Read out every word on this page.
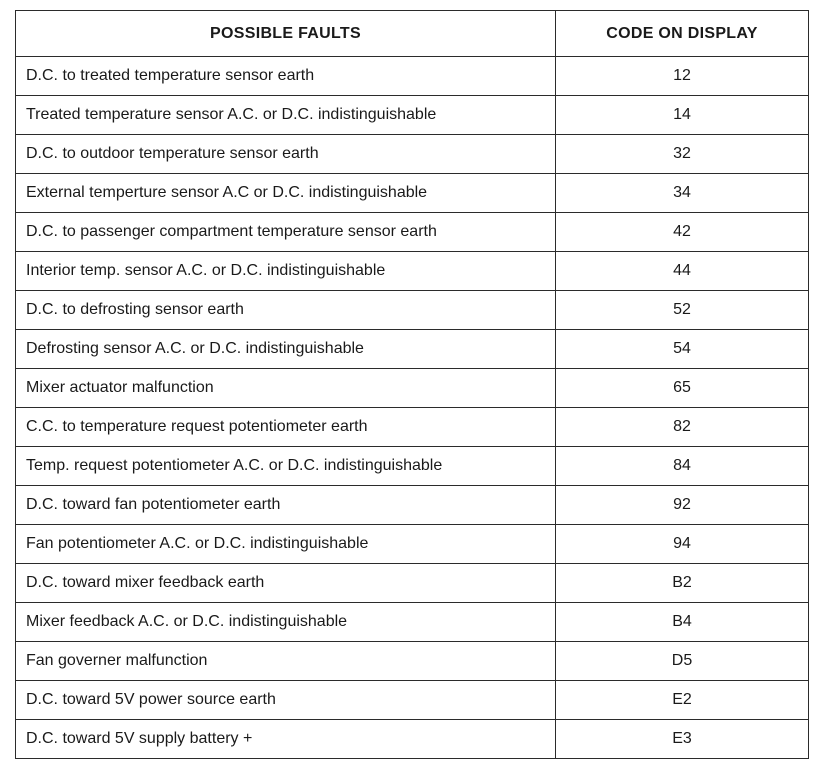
POSSIBLE FAULTS	CODE ON DISPLAY
D.C. to treated temperature sensor earth	12
Treated temperature sensor A.C. or D.C. indistinguishable	14
D.C. to outdoor temperature sensor earth	32
External temperture sensor A.C or D.C. indistinguishable	34
D.C. to passenger compartment temperature sensor earth	42
Interior temp. sensor A.C. or D.C. indistinguishable	44
D.C. to defrosting sensor earth	52
Defrosting sensor A.C. or D.C. indistinguishable	54
Mixer actuator malfunction	65
C.C. to temperature request potentiometer earth	82
Temp. request potentiometer A.C. or D.C. indistinguishable	84
D.C. toward fan potentiometer earth	92
Fan potentiometer A.C. or D.C. indistinguishable	94
D.C. toward mixer feedback earth	B2
Mixer feedback A.C. or D.C. indistinguishable	B4
Fan governer malfunction	D5
D.C. toward 5V power source earth	E2
D.C. toward 5V supply battery +	E3
